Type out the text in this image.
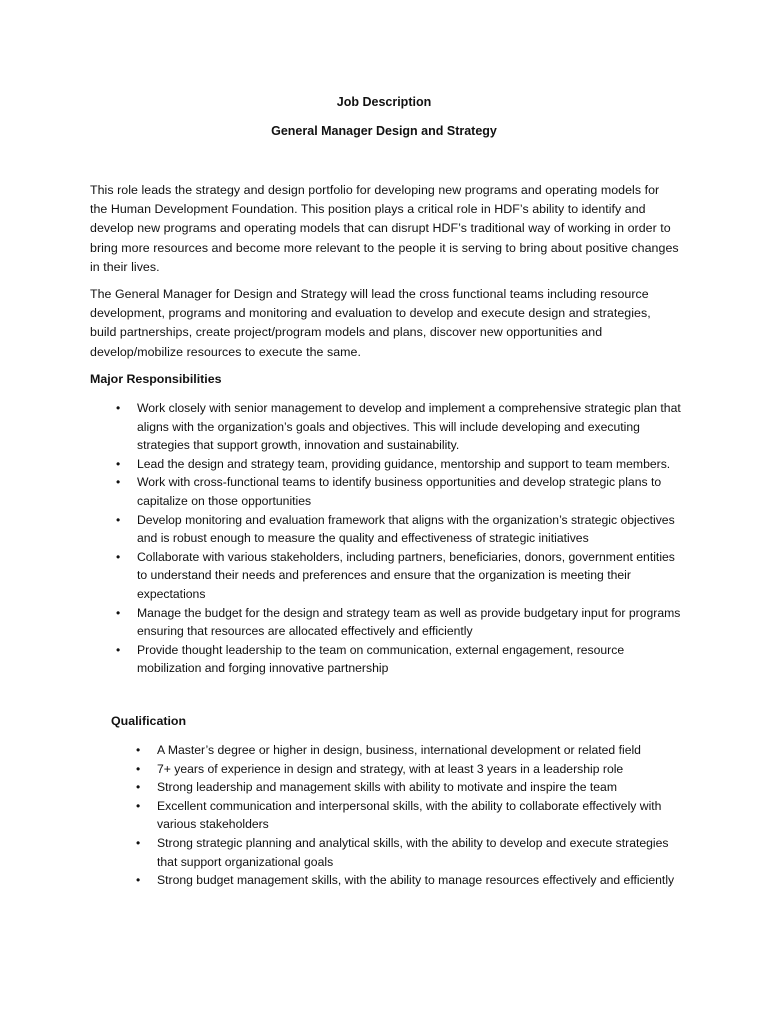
Job Description
General Manager Design and Strategy
This role leads the strategy and design portfolio for developing new programs and operating models for the Human Development Foundation. This position plays a critical role in HDF’s ability to identify and develop new programs and operating models that can disrupt HDF’s traditional way of working in order to bring more resources and become more relevant to the people it is serving to bring about positive changes in their lives.
The General Manager for Design and Strategy will lead the cross functional teams including resource development, programs and monitoring and evaluation to develop and execute design and strategies, build partnerships, create project/program models and plans, discover new opportunities and develop/mobilize resources to execute the same.
Major Responsibilities
• Work closely with senior management to develop and implement a comprehensive strategic plan that aligns with the organization’s goals and objectives. This will include developing and executing strategies that support growth, innovation and sustainability.
• Lead the design and strategy team, providing guidance, mentorship and support to team members.
• Work with cross-functional teams to identify business opportunities and develop strategic plans to capitalize on those opportunities
• Develop monitoring and evaluation framework that aligns with the organization’s strategic objectives and is robust enough to measure the quality and effectiveness of strategic initiatives
• Collaborate with various stakeholders, including partners, beneficiaries, donors, government entities to understand their needs and preferences and ensure that the organization is meeting their expectations
• Manage the budget for the design and strategy team as well as provide budgetary input for programs ensuring that resources are allocated effectively and efficiently
• Provide thought leadership to the team on communication, external engagement, resource mobilization and forging innovative partnership
Qualification
• A Master’s degree or higher in design, business, international development or related field
• 7+ years of experience in design and strategy, with at least 3 years in a leadership role
• Strong leadership and management skills with ability to motivate and inspire the team
• Excellent communication and interpersonal skills, with the ability to collaborate effectively with various stakeholders
• Strong strategic planning and analytical skills, with the ability to develop and execute strategies that support organizational goals
• Strong budget management skills, with the ability to manage resources effectively and efficiently
